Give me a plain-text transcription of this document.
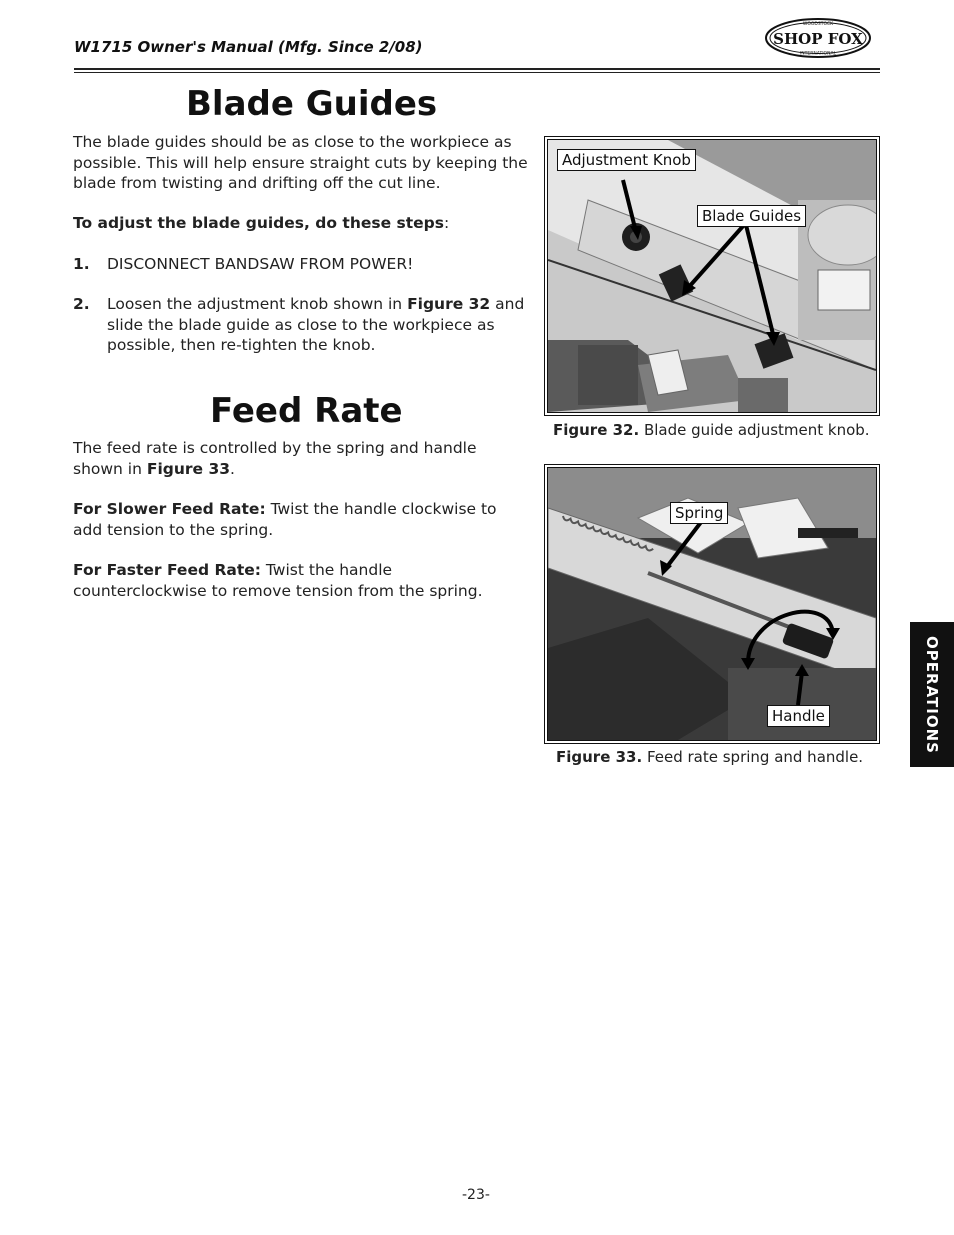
W1715 Owner's Manual (Mfg. Since 2/08)
WOODSTOCK
SHOP FOX
INTERNATIONAL
Blade Guides
The blade guides should be as close to the workpiece as possible. This will help ensure straight cuts by keeping the blade from twisting and drifting off the cut line.
To adjust the blade guides, do these steps:
1. DISCONNECT BANDSAW FROM POWER!
2. Loosen the adjustment knob shown in Figure 32 and slide the blade guide as close to the workpiece as possible, then re-tighten the knob.
Feed Rate
The feed rate is controlled by the spring and handle shown in Figure 33.
For Slower Feed Rate: Twist the handle clockwise to add tension to the spring.
For Faster Feed Rate: Twist the handle counterclockwise to remove tension from the spring.
Adjustment Knob
Blade Guides
Figure 32. Blade guide adjustment knob.
Spring
Handle
Figure 33. Feed rate spring and handle.
OPERATIONS
-23-
